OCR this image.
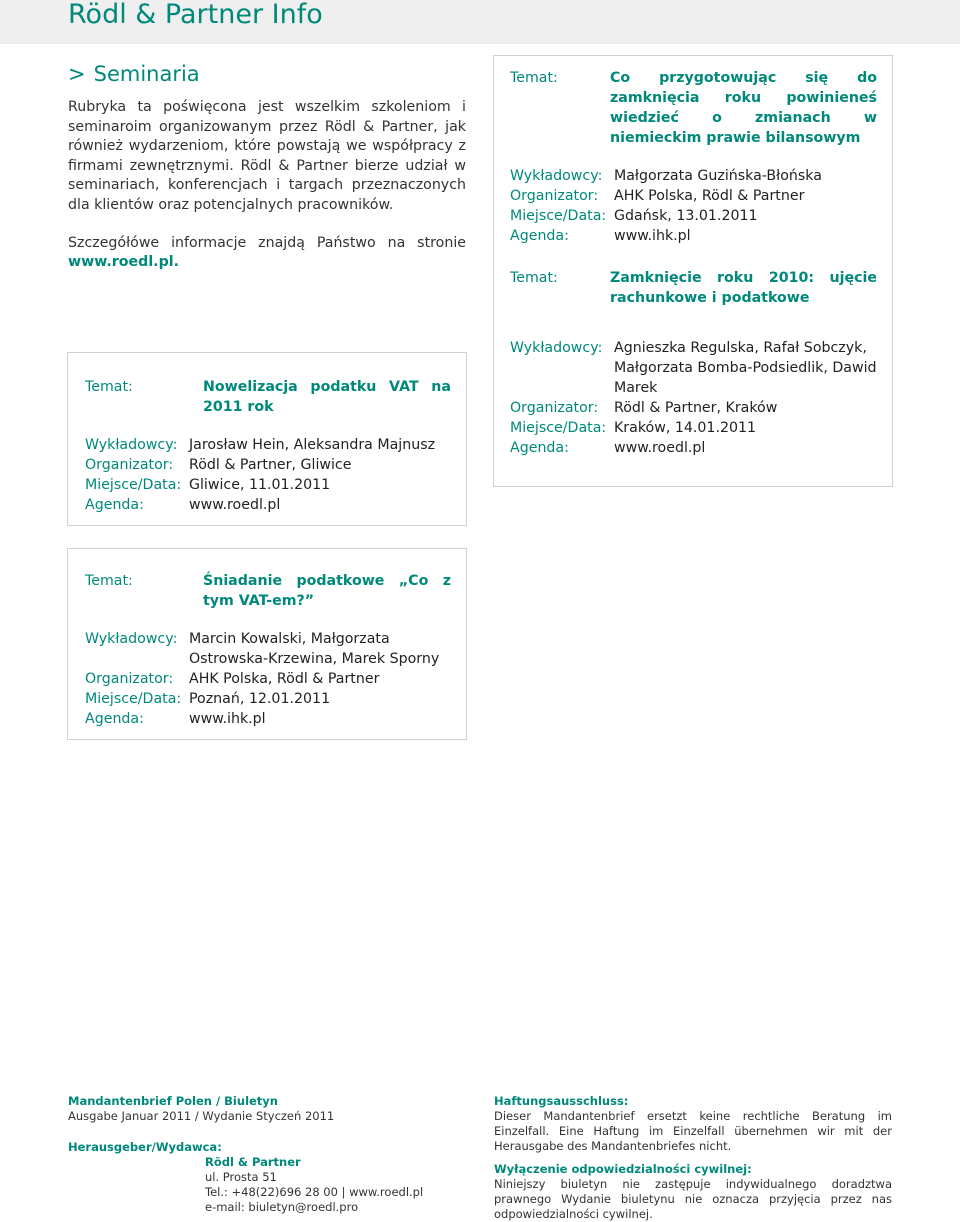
Rödl & Partner Info
> Seminaria

Rubryka ta poświęcona jest wszelkim szkoleniom i seminaroim organizowanym przez Rödl & Partner, jak również wydarzeniom, które powstają we współpracy z firmami zewnętrznymi. Rödl & Partner bierze udział w seminariach, konferencjach i targach przeznaczonych dla klientów oraz potencjalnych pracowników.

Szczegółówe informacje znajdą Państwo na stronie www.roedl.pl.

Temat:	Nowelizacja podatku VAT na 2011 rok
Wykładowcy: Jarosław Hein, Aleksandra Majnusz
Organizator:	Rödl & Partner, Gliwice
Miejsce/Data: Gliwice, 11.01.2011
Agenda:	www.roedl.pl
Temat:	Śniadanie podatkowe „Co z tym VAT-em?”
Wykładowcy: Marcin Kowalski, Małgorzata Ostrowska-Krzewina, Marek Sporny
Organizator:	AHK Polska, Rödl & Partner
Miejsce/Data: Poznań, 12.01.2011
Agenda:	www.ihk.pl
Temat:	Co przygotowując się do zamknięcia roku powinieneś wiedzieć o zmianach w niemieckim prawie bilansowym
Wykładowcy: Małgorzata Guzińska-Błońska
Organizator:	AHK Polska, Rödl & Partner
Miejsce/Data: Gdańsk, 13.01.2011
Agenda:	www.ihk.pl
Temat:	Zamknięcie roku 2010: ujęcie rachunkowe i podatkowe
Wykładowcy: Agnieszka Regulska, Rafał Sobczyk, Małgorzata Bomba-Podsiedlik, Dawid Marek
Organizator:	Rödl & Partner, Kraków
Miejsce/Data: Kraków, 14.01.2011
Agenda:	www.roedl.pl
Mandantenbrief Polen / Biuletyn
Ausgabe Januar 2011 / Wydanie Styczeń 2011
Herausgeber/Wydawca:
Rödl & Partner
ul. Prosta 51
Tel.: +48(22)696 28 00 | www.roedl.pl
e-mail: biuletyn@roedl.pro
Haftungsausschluss:
Dieser Mandantenbrief ersetzt keine rechtliche Beratung im Einzelfall. Eine Haftung im Einzelfall übernehmen wir mit der Herausgabe des Mandantenbriefes nicht.
Wyłączenie odpowiedzialności cywilnej:
Niniejszy biuletyn nie zastępuje indywidualnego doradztwa prawnego Wydanie biuletynu nie oznacza przyjęcia przez nas odpowiedzialności cywilnej.
